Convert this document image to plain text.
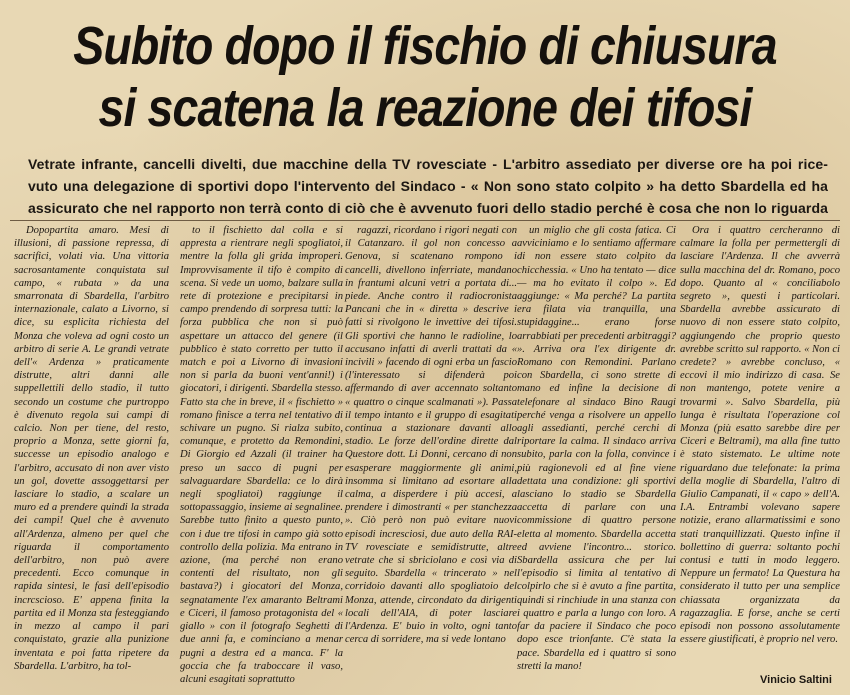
Subito dopo il fischio di chiusura
si scatena la reazione dei tifosi
Vetrate infrante, cancelli divelti, due macchine della TV rovesciate - L'arbitro assediato per diverse ore ha poi rice-
vuto una delegazione di sportivi dopo l'intervento del Sindaco - « Non sono stato colpito » ha detto Sbardella ed ha
assicurato che nel rapporto non terrà conto di ciò che è avvenuto fuori dello stadio perché è cosa che non lo riguarda

Dopopartita amaro. Mesi di illusioni, di passione repressa, di sacrifici, volati via. Una vittoria sacrosantamente conquistata sul campo, « rubata » da una smarronata di Sbardella, l'arbitro internazionale, calato a Livorno, si dice, su esplicita richiesta del Monza che voleva ad ogni costo un arbitro di serie A. Le grandi vetrate dell'« Ardenza » praticamente distrutte, altri danni alle suppellettili dello stadio, il tutto secondo un costume che purtroppo è divenuto regola sui campi di calcio. Non per tiene, del resto, proprio a Monza, sette giorni fa, successe un episodio analogo e l'arbitro, accusato di non aver visto un gol, dovette assoggettarsi per lasciare lo stadio, a scalare un muro ed a prendere quindi la strada dei campi! Quel che è avvenuto all'Ardenza, almeno per quel che riguarda il comportamento dell'arbitro, non può avere precedenti. Ecco comunque in rapida sintesi, le fasi dell'episodio incrcscioso. E' appena finita la partita ed il Monza sta festeggiando in mezzo al campo il pari conquistato, grazie alla punizione inventata e poi fatta ripetere da Sbardella. L'arbitro, ha tol-

to il fischietto dal colla e si appresta a rientrare negli spogliatoi, mentre la folla gli grida improperi. Improvvisamente il tifo è compito di scena. Si vede un uomo, balzare sulla rete di protezione e precipitarsi in campo prendendo di sorpresa tutti: la forza pubblica che non si può aspettare un attacco del genere (il pubblico è stato corretto per tutto il match e poi a Livorno di invasioni non si parla da buoni vent'anni!) i giocatori, i dirigenti. Sbardella stesso. Fatto sta che in breve, il « fischietto » romano finisce a terra nel tentativo di schivare un pugno. Si rialza subito, comunque, e protetto da Remondini, Di Giorgio ed Azzali (il trainer ha preso un sacco di pugni per salvaguardare Sbardella: ce lo dirà negli spogliatoi) raggiunge il sottopassaggio, insieme ai segnalinee. Sarebbe tutto finito a questo punto, con i due tre tifosi in campo già sotto controllo della polizia. Ma entrano in azione, (ma perché non erano contenti del risultato, non gli bastava?) i giocatori del Monza, segnatamente l'ex amaranto Beltrami e Ciceri, il famoso protagonista del « giallo » con il fotografo Seghetti di due anni fa, e cominciano a menar pugni a destra ed a manca. F' la goccia che fa traboccare il vaso, alcuni esagitati soprattutto

ragazzi, ricordano i rigori negati con il Catanzaro. il gol non concesso a Genova, si scatenano rompono i cancelli, divellono inferriate, mandano in frantumi alcuni vetri a portata di... piede. Anche contro il radiocronista Pancani che in « diretta » descrive i fatti si rivolgono le invettive dei tifosi. Gli sportivi che hanno le radioline, lo accusano infatti di averli trattati da « incivili » facendo di ogni erba un fascio (l'interessato si difenderà poi affermando di aver accennato soltanto « quattro o cinque scalmanati »). Passa il tempo intanto e il gruppo di esagitati continua a stazionare davanti allo stadio. Le forze dell'ordine dirette dal Questore dott. Li Donni, cercano di non esasperare maggiormente gli animi, insomma si limitano ad esortare alla calma, a disperdere i più accesi, a prendere i dimostranti « per stanchezza ». Ciò però non può evitare nuovi episodi incresciosi, due auto della RAI-TV rovesciate e semidistrutte, altre vetrate che si sbriciolano e così via di seguito. Sbardella « trincerato » nel corridoio davanti allo spogliatoio del Monza, attende, circondato da dirigenti locali dell'AIA, di poter lasciare l'Ardenza. E' buio in volto, ogni tanto cerca di sorridere, ma si vede lontano

un miglio che gli costa fatica. Ci avviciniamo e lo sentiamo affermare di non essere stato colpito da chicchessia. « Uno ha tentato — dice — ma ho evitato il colpo ». Ed aggiunge: « Ma perché? La partita era filata via tranquilla, una stupidaggine... erano forse arrabbiati per precedenti arbitraggi? ». Arriva ora l'ex dirigente dr. Romano con Remondini. Parlano con Sbardella, ci sono strette di mano ed infine la decisione di telefonare al sindaco Bino Raugi perché venga a risolvere un appello agli assedianti, perché cerchi di riportare la calma. Il sindaco arriva subito, parla con la folla, convince i più ragionevoli ed al fine viene dettata una condizione: gli sportivi lasciano lo stadio se Sbardella accetta di parlare con una commissione di quattro persone eletta al momento. Sbardella accetta ed avviene l'incontro... storico. Sbardella assicura che per lui l'episodio si limita al tentativo di colpirlo che si è avuto a fine partita, quindi si rinchiude in una stanza con i quattro e parla a lungo con loro. A far da paciere il Sindaco che poco dopo esce trionfante. C'è stata la pace. Sbardella ed i quattro si sono stretti la mano!

Ora i quattro cercheranno di calmare la folla per permettergli di lasciare l'Ardenza. Il che avverrà sulla macchina del dr. Romano, poco dopo. Quanto al « conciliabolo segreto », questi i particolari. Sbardella avrebbe assicurato di nuovo di non essere stato colpito, aggiungendo che proprio questo avrebbe scritto sul rapporto. « Non ci credete? » avrebbe concluso, « eccovi il mio indirizzo di casa. Se non mantengo, potete venire a trovarmi ». Salvo Sbardella, più lunga è risultata l'operazione col Monza (più esatto sarebbe dire per Ciceri e Beltrami), ma alla fine tutto è stato sistemato. Le ultime note riguardano due telefonate: la prima della moglie di Sbardella, l'altro di Giulio Campanati, il « capo » dell'A. I.A. Entrambi volevano sapere notizie, erano allarmatissimi e sono stati tranquillizzati. Questo infine il bollettino di guerra: soltanto pochi contusi e tutti in modo leggero. Neppure un fermato! La Questura ha considerato il tutto per una semplice chiassata organizzata da ragazzaglia. E forse, anche se certi episodi non possono assolutamente essere giustificati, è proprio nel vero.

Vinicio Saltini
